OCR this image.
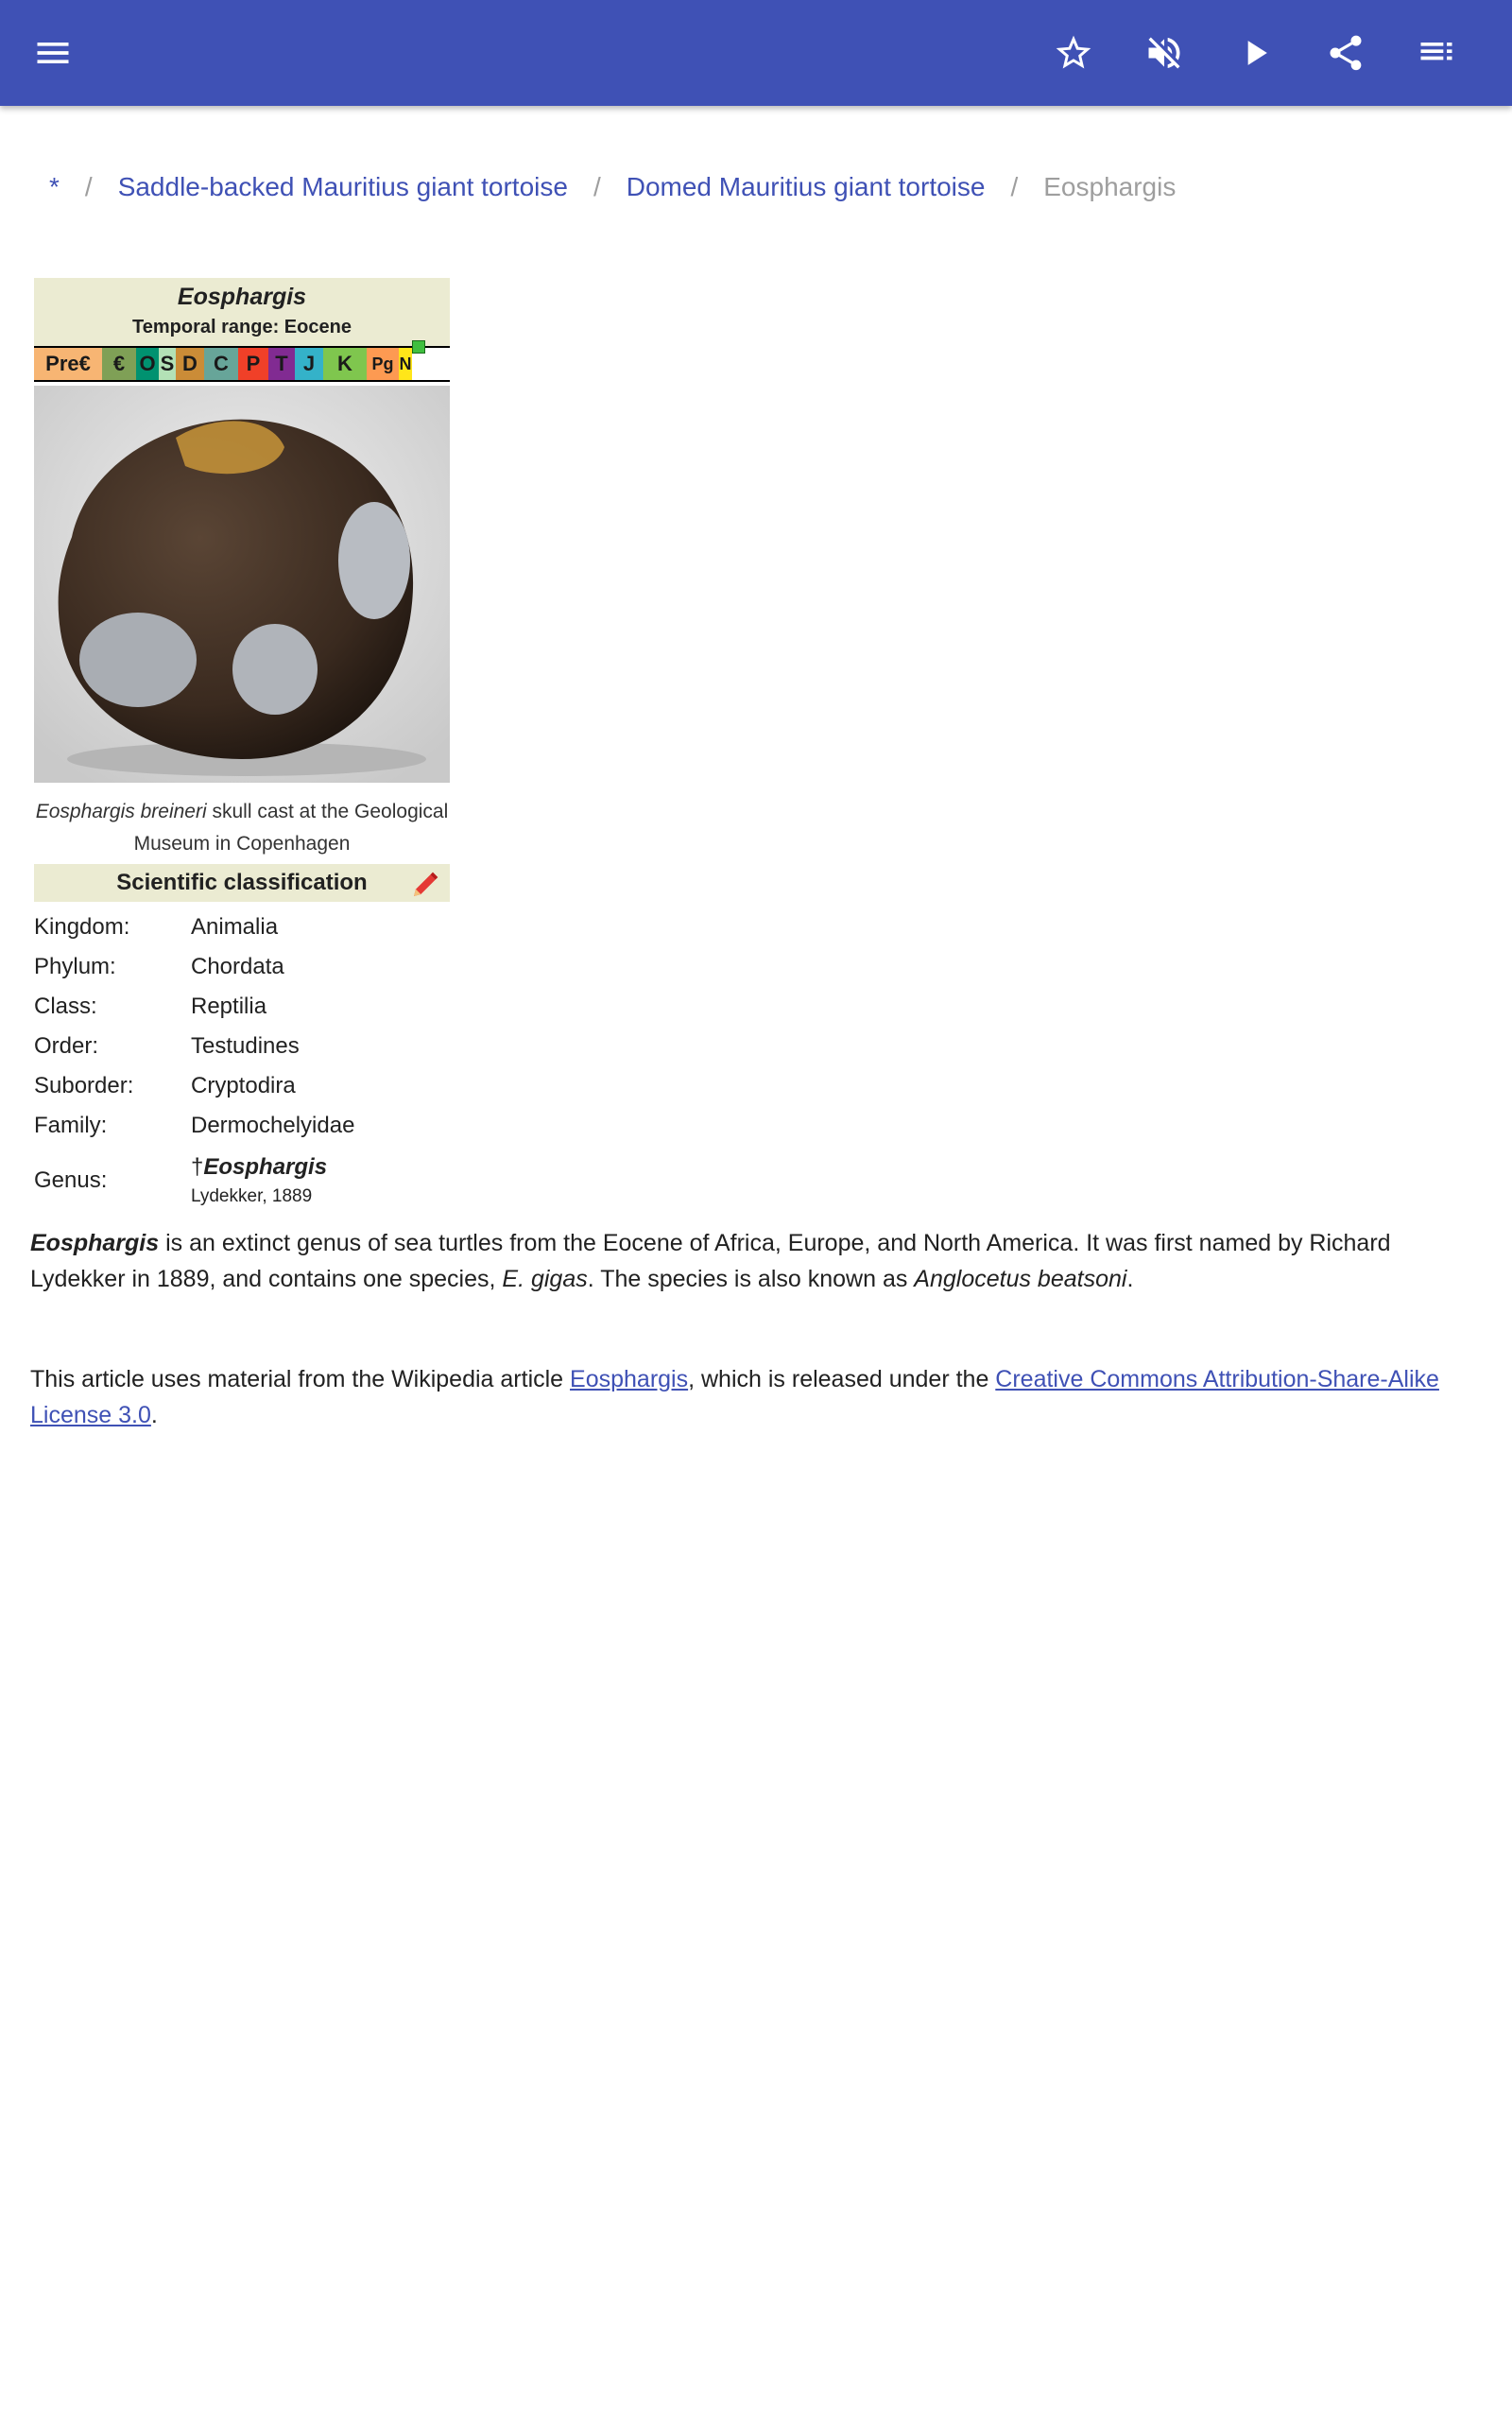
* / Saddle-backed Mauritius giant tortoise / Domed Mauritius giant tortoise / Eosphargis
Eosphargis
Temporal range: Eocene
Pre€	€ O S D C P T J	K	Pg N
Eosphargis breineri skull cast at the Geological Museum in Copenhagen
Scientific classification
Kingdom:	Animalia
Phylum:	Chordata
Class:	Reptilia
Order:	Testudines
Suborder:	Cryptodira
Family:	Dermochelyidae
Genus:
†Eosphargis
Lydekker, 1889

Eosphargis is an extinct genus of sea turtles from the Eocene of Africa, Europe, and North America. It was first named by Richard Lydekker in 1889, and contains one species, E. gigas. The species is also known as Anglocetus beatsoni.

This article uses material from the Wikipedia article Eosphargis, which is released under the Creative Commons Attribution-Share-Alike License 3.0.
